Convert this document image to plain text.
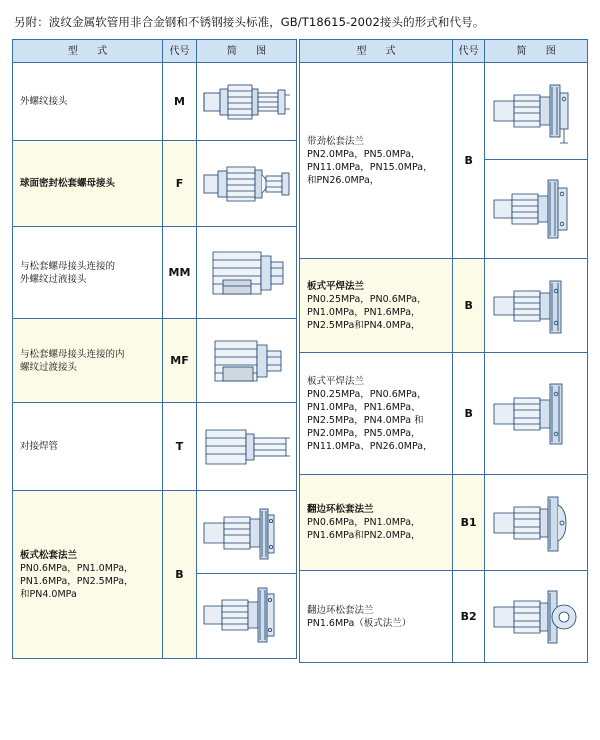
另附：波纹金属软管用非合金钢和不锈钢接头标准，GB/T18615-2002接头的形式和代号。
型 式	代号	简 图

外螺纹接头	M	

球面密封松套螺母接头	F	

与松套螺母接头连接的
外螺纹过液接头	MM	

与松套螺母接头连接的内
螺纹过渡接头	MF	

对接焊管	T	

板式松套法兰
PN0.6MPa，PN1.0MPa，
PN1.6MPa，PN2.5MPa，
和PN4.0MPa	B	
型 式	代号	简 图

带劲松套法兰
PN2.0MPa，PN5.0MPa，
PN11.0MPa，PN15.0MPa，
和PN26.0MPa，	B	

板式平焊法兰
PN0.25MPa，PN0.6MPa，
PN1.0MPa，PN1.6MPa，
PN2.5MPa和PN4.0MPa，	B	

板式平焊法兰
PN0.25MPa，PN0.6MPa，
PN1.0MPa，PN1.6MPa、
PN2.5MPa，PN4.0MPa 和
PN2.0MPa，PN5.0MPa，
PN11.0MPa、PN26.0MPa，
	B	

翻边环松套法兰
PN0.6MPa，PN1.0MPa，
PN1.6MPa和PN2.0MPa，	B1	

翻边环松套法兰
PN1.6MPa（板式法兰）	B2	
